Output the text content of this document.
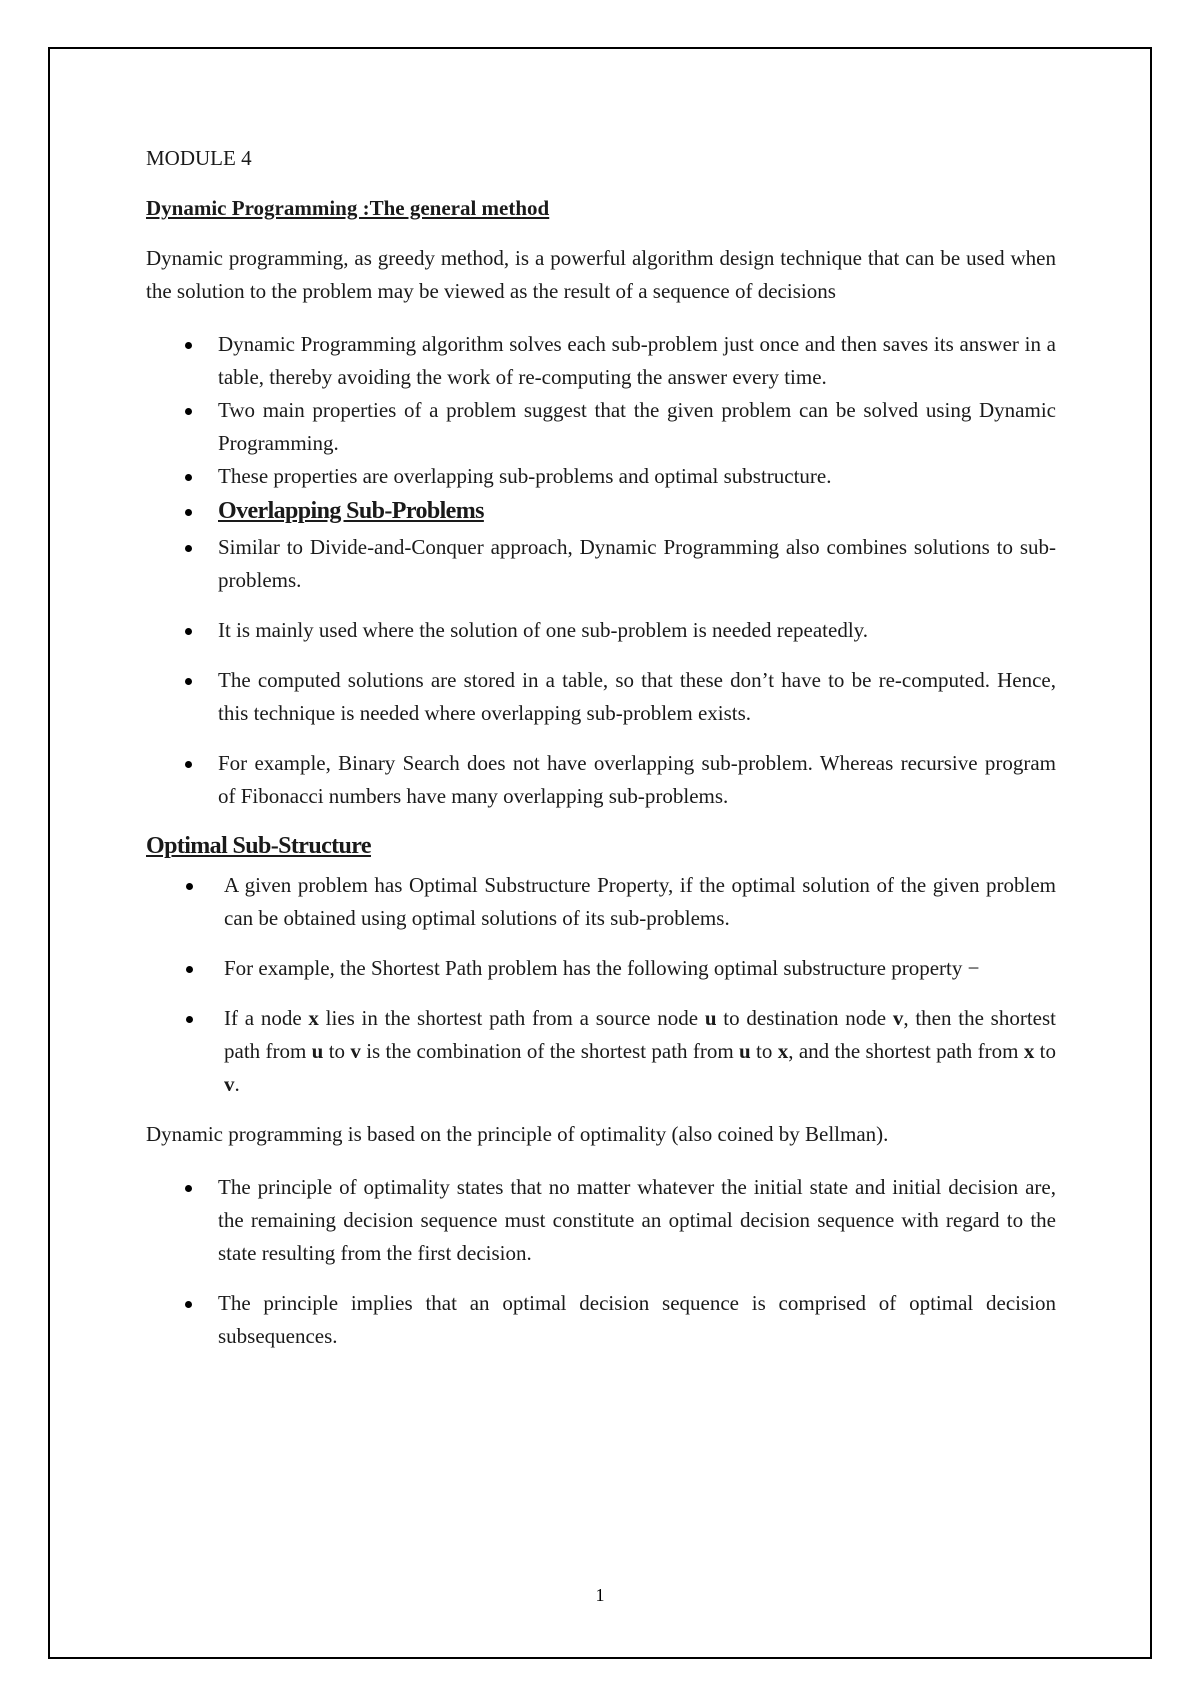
MODULE 4
Dynamic Programming :The general method

Dynamic programming, as greedy method, is a powerful algorithm design technique that can be used when the solution to the problem may be viewed as the result of a sequence of decisions

Dynamic Programming algorithm solves each sub-problem just once and then saves its answer in a table, thereby avoiding the work of re-computing the answer every time.
Two main properties of a problem suggest that the given problem can be solved using Dynamic Programming.
These properties are overlapping sub-problems and optimal substructure.
Overlapping Sub-Problems
Similar to Divide-and-Conquer approach, Dynamic Programming also combines solutions to sub-problems.
It is mainly used where the solution of one sub-problem is needed repeatedly.
The computed solutions are stored in a table, so that these don’t have to be re-computed. Hence, this technique is needed where overlapping sub-problem exists.
For example, Binary Search does not have overlapping sub-problem. Whereas recursive program of Fibonacci numbers have many overlapping sub-problems.
Optimal Sub-Structure
A given problem has Optimal Substructure Property, if the optimal solution of the given problem can be obtained using optimal solutions of its sub-problems.
For example, the Shortest Path problem has the following optimal substructure property −
If a node x lies in the shortest path from a source node u to destination node v, then the shortest path from u to v is the combination of the shortest path from u to x, and the shortest path from x to v.

Dynamic programming is based on the principle of optimality (also coined by Bellman).

The principle of optimality states that no matter whatever the initial state and initial decision are, the remaining decision sequence must constitute an optimal decision sequence with regard to the state resulting from the first decision.
The principle implies that an optimal decision sequence is comprised of optimal decision subsequences.
1
